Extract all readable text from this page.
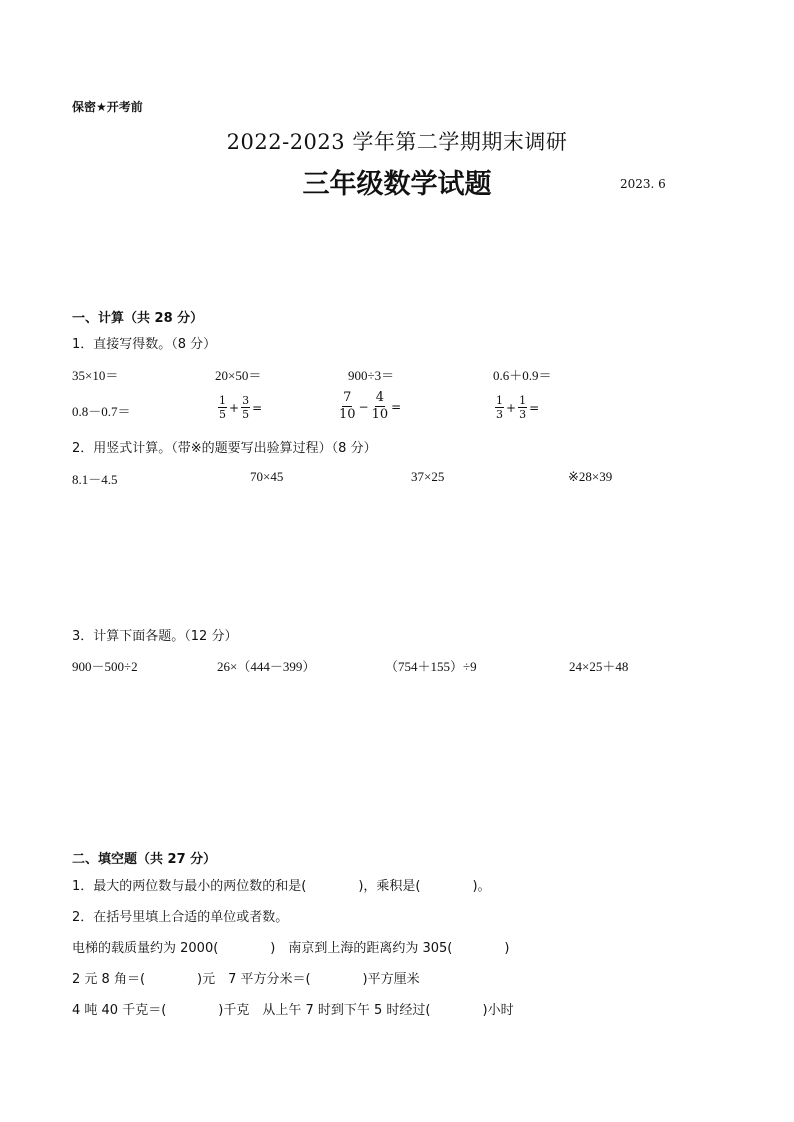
保密★开考前
2022-2023 学年第二学期期末调研
三年级数学试题	2023. 6
一、计算（共 28 分）
1．直接写得数。（8 分）
35×10＝	20×50＝	900÷3＝	0.6＋0.9＝
0.8－0.7＝	$\frac{1}{5} + \frac{3}{5}$ =	$\frac{7}{10} - \frac{4}{10}$ =	$\frac{1}{3} + \frac{1}{3}$ =
2．用竖式计算。（带※的题要写出验算过程）（8 分）
8.1－4.5	70×45	37×25	※28×39
3．计算下面各题。（12 分）
900－500÷2	26×（444－399）	（754＋155）÷9	24×25＋48
二、填空题（共 27 分）
1．最大的两位数与最小的两位数的和是(　　　　)，乘积是(　　　　)。
2．在括号里填上合适的单位或者数。
电梯的载质量约为 2000(　　　　)　南京到上海的距离约为 305(　　　　)
2 元 8 角＝(　　　　)元　7 平方分米＝(　　　　)平方厘米
4 吨 40 千克＝(　　　　)千克　从上午 7 时到下午 5 时经过(　　　　)小时
